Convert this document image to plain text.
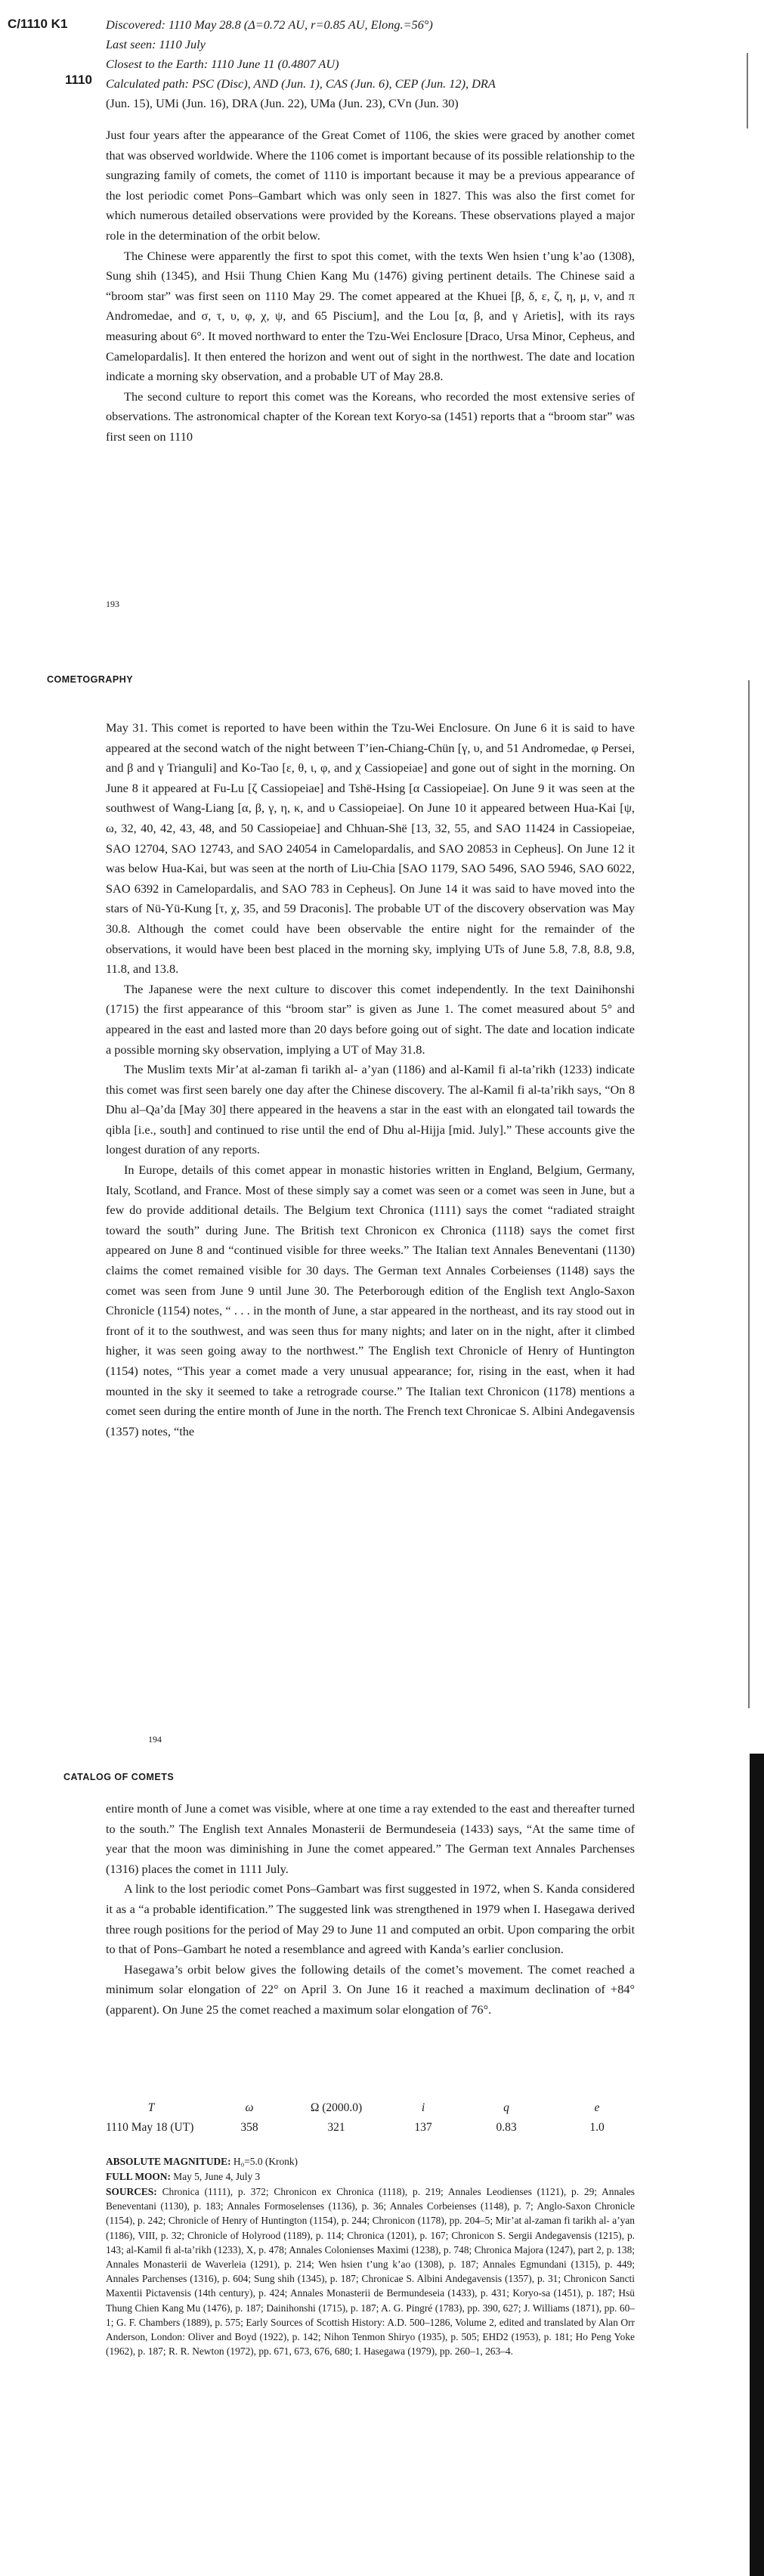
C/1110 K1
1110
Discovered: 1110 May 28.8 (Δ=0.72 AU, r=0.85 AU, Elong.=56°)
Last seen: 1110 July
Closest to the Earth: 1110 June 11 (0.4807 AU)
Calculated path: PSC (Disc), AND (Jun. 1), CAS (Jun. 6), CEP (Jun. 12), DRA
(Jun. 15), UMi (Jun. 16), DRA (Jun. 22), UMa (Jun. 23), CVn (Jun. 30)

Just four years after the appearance of the Great Comet of 1106, the skies were graced by another comet that was observed worldwide. Where the 1106 comet is important because of its possible relationship to the sungrazing family of comets, the comet of 1110 is important because it may be a previous appearance of the lost periodic comet Pons–Gambart which was only seen in 1827. This was also the first comet for which numerous detailed observations were provided by the Koreans. These observations played a major role in the determination of the orbit below.

The Chinese were apparently the first to spot this comet, with the texts Wen hsien t’ung k’ao (1308), Sung shih (1345), and Hsii Thung Chien Kang Mu (1476) giving pertinent details. The Chinese said a “broom star” was first seen on 1110 May 29. The comet appeared at the Khuei [β, δ, ε, ζ, η, μ, ν, and π Andromedae, and σ, τ, υ, φ, χ, ψ, and 65 Piscium], and the Lou [α, β, and γ Arietis], with its rays measuring about 6°. It moved northward to enter the Tzu-Wei Enclosure [Draco, Ursa Minor, Cepheus, and Camelopardalis]. It then entered the horizon and went out of sight in the northwest. The date and location indicate a morning sky observation, and a probable UT of May 28.8.

The second culture to report this comet was the Koreans, who recorded the most extensive series of observations. The astronomical chapter of the Korean text Koryo-sa (1451) reports that a “broom star” was first seen on 1110

193
COMETOGRAPHY

May 31. This comet is reported to have been within the Tzu-Wei Enclosure. On June 6 it is said to have appeared at the second watch of the night between T’ien-Chiang-Chün [γ, υ, and 51 Andromedae, φ Persei, and β and γ Trianguli] and Ko-Tao [ε, θ, ι, φ, and χ Cassiopeiae] and gone out of sight in the morning. On June 8 it appeared at Fu-Lu [ζ Cassiopeiae] and Tshë-Hsing [α Cassiopeiae]. On June 9 it was seen at the southwest of Wang-Liang [α, β, γ, η, κ, and υ Cassiopeiae]. On June 10 it appeared between Hua-Kai [ψ, ω, 32, 40, 42, 43, 48, and 50 Cassiopeiae] and Chhuan-Shë [13, 32, 55, and SAO 11424 in Cassiopeiae, SAO 12704, SAO 12743, and SAO 24054 in Camelopardalis, and SAO 20853 in Cepheus]. On June 12 it was below Hua-Kai, but was seen at the north of Liu-Chia [SAO 1179, SAO 5496, SAO 5946, SAO 6022, SAO 6392 in Camelopardalis, and SAO 783 in Cepheus]. On June 14 it was said to have moved into the stars of Nü-Yü-Kung [τ, χ, 35, and 59 Draconis]. The probable UT of the discovery observation was May 30.8. Although the comet could have been observable the entire night for the remainder of the observations, it would have been best placed in the morning sky, implying UTs of June 5.8, 7.8, 8.8, 9.8, 11.8, and 13.8.

The Japanese were the next culture to discover this comet independently. In the text Dainihonshi (1715) the first appearance of this “broom star” is given as June 1. The comet measured about 5° and appeared in the east and lasted more than 20 days before going out of sight. The date and location indicate a possible morning sky observation, implying a UT of May 31.8.

The Muslim texts Mir’at al-zaman fi tarikh al- a’yan (1186) and al-Kamil fi al-ta’rikh (1233) indicate this comet was first seen barely one day after the Chinese discovery. The al-Kamil fi al-ta’rikh says, “On 8 Dhu al–Qa’da [May 30] there appeared in the heavens a star in the east with an elongated tail towards the qibla [i.e., south] and continued to rise until the end of Dhu al-Hijja [mid. July].” These accounts give the longest duration of any reports.

In Europe, details of this comet appear in monastic histories written in England, Belgium, Germany, Italy, Scotland, and France. Most of these simply say a comet was seen or a comet was seen in June, but a few do provide additional details. The Belgium text Chronica (1111) says the comet “radiated straight toward the south” during June. The British text Chronicon ex Chronica (1118) says the comet first appeared on June 8 and “continued visible for three weeks.” The Italian text Annales Beneventani (1130) claims the comet remained visible for 30 days. The German text Annales Corbeienses (1148) says the comet was seen from June 9 until June 30. The Peterborough edition of the English text Anglo-Saxon Chronicle (1154) notes, “ . . . in the month of June, a star appeared in the northeast, and its ray stood out in front of it to the southwest, and was seen thus for many nights; and later on in the night, after it climbed higher, it was seen going away to the northwest.” The English text Chronicle of Henry of Huntington (1154) notes, “This year a comet made a very unusual appearance; for, rising in the east, when it had mounted in the sky it seemed to take a retrograde course.” The Italian text Chronicon (1178) mentions a comet seen during the entire month of June in the north. The French text Chronicae S. Albini Andegavensis (1357) notes, “the

194
CATALOG OF COMETS

entire month of June a comet was visible, where at one time a ray extended to the east and thereafter turned to the south.” The English text Annales Monasterii de Bermundeseia (1433) says, “At the same time of year that the moon was diminishing in June the comet appeared.” The German text Annales Parchenses (1316) places the comet in 1111 July.

A link to the lost periodic comet Pons–Gambart was first suggested in 1972, when S. Kanda considered it as a “a probable identification.” The suggested link was strengthened in 1979 when I. Hasegawa derived three rough positions for the period of May 29 to June 11 and computed an orbit. Upon comparing the orbit to that of Pons–Gambart he noted a resemblance and agreed with Kanda’s earlier conclusion.

Hasegawa’s orbit below gives the following details of the comet’s movement. The comet reached a minimum solar elongation of 22° on April 3. On June 16 it reached a maximum declination of +84° (apparent). On June 25 the comet reached a maximum solar elongation of 76°.

T	ω	Ω (2000.0)	i	q	e
1110 May 18 (UT)	358	321	137	0.83	1.0
ABSOLUTE MAGNITUDE: H₀=5.0 (Kronk)
FULL MOON: May 5, June 4, July 3
SOURCES: Chronica (1111), p. 372; Chronicon ex Chronica (1118), p. 219; Annales Leodienses (1121), p. 29; Annales Beneventani (1130), p. 183; Annales Formoselenses (1136), p. 36; Annales Corbeienses (1148), p. 7; Anglo-Saxon Chronicle (1154), p. 242; Chronicle of Henry of Huntington (1154), p. 244; Chronicon (1178), pp. 204–5; Mir’at al-zaman fi tarikh al- a’yan (1186), VIII, p. 32; Chronicle of Holyrood (1189), p. 114; Chronica (1201), p. 167; Chronicon S. Sergii Andegavensis (1215), p. 143; al-Kamil fi al-ta’rikh (1233), X, p. 478; Annales Colonienses Maximi (1238), p. 748; Chronica Majora (1247), part 2, p. 138; Annales Monasterii de Waverleia (1291), p. 214; Wen hsien t’ung k’ao (1308), p. 187; Annales Egmundani (1315), p. 449; Annales Parchenses (1316), p. 604; Sung shih (1345), p. 187; Chronicae S. Albini Andegavensis (1357), p. 31; Chronicon Sancti Maxentii Pictavensis (14th century), p. 424; Annales Monasterii de Bermundeseia (1433), p. 431; Koryo-sa (1451), p. 187; Hsü Thung Chien Kang Mu (1476), p. 187; Dainihonshi (1715), p. 187; A. G. Pingré (1783), pp. 390, 627; J. Williams (1871), pp. 60–1; G. F. Chambers (1889), p. 575; Early Sources of Scottish History: A.D. 500–1286, Volume 2, edited and translated by Alan Orr Anderson, London: Oliver and Boyd (1922), p. 142; Nihon Tenmon Shiryo (1935), p. 505; EHD2 (1953), p. 181; Ho Peng Yoke (1962), p. 187; R. R. Newton (1972), pp. 671, 673, 676, 680; I. Hasegawa (1979), pp. 260–1, 263–4.
